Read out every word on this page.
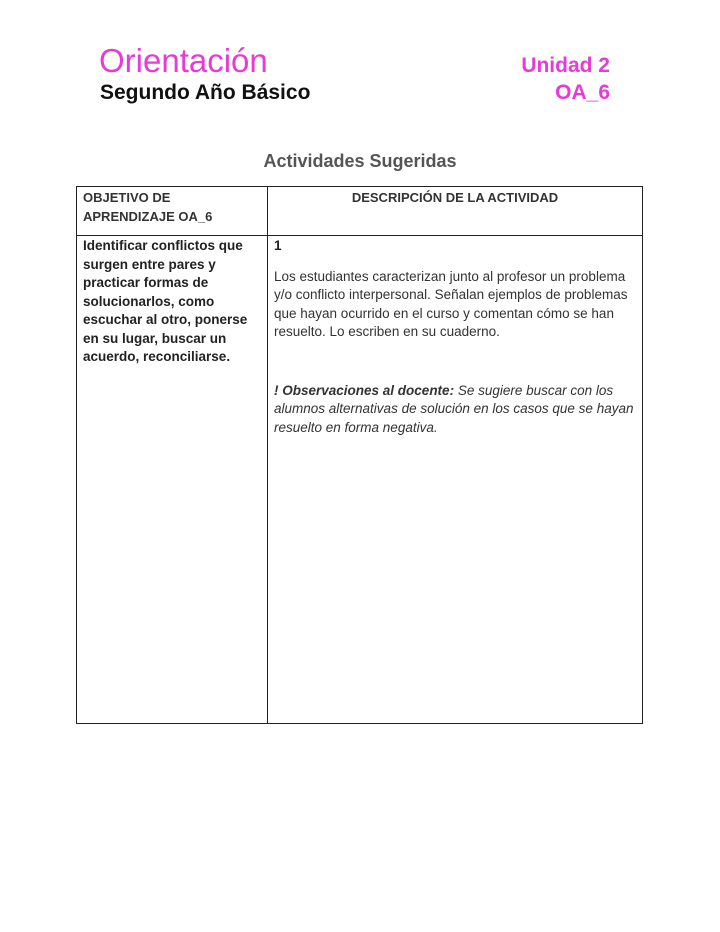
Orientación
Segundo Año Básico
Unidad 2
OA_6
Actividades Sugeridas
OBJETIVO DE APRENDIZAJE OA_6	DESCRIPCIÓN DE LA ACTIVIDAD
Identificar conflictos que surgen entre pares y practicar formas de solucionarlos, como escuchar al otro, ponerse en su lugar, buscar un acuerdo, reconciliarse.	1
Los estudiantes caracterizan junto al profesor un problema y/o conflicto interpersonal. Señalan ejemplos de problemas que hayan ocurrido en el curso y comentan cómo se han resuelto. Lo escriben en su cuaderno.
! Observaciones al docente: Se sugiere buscar con los alumnos alternativas de solución en los casos que se hayan resuelto en forma negativa.
